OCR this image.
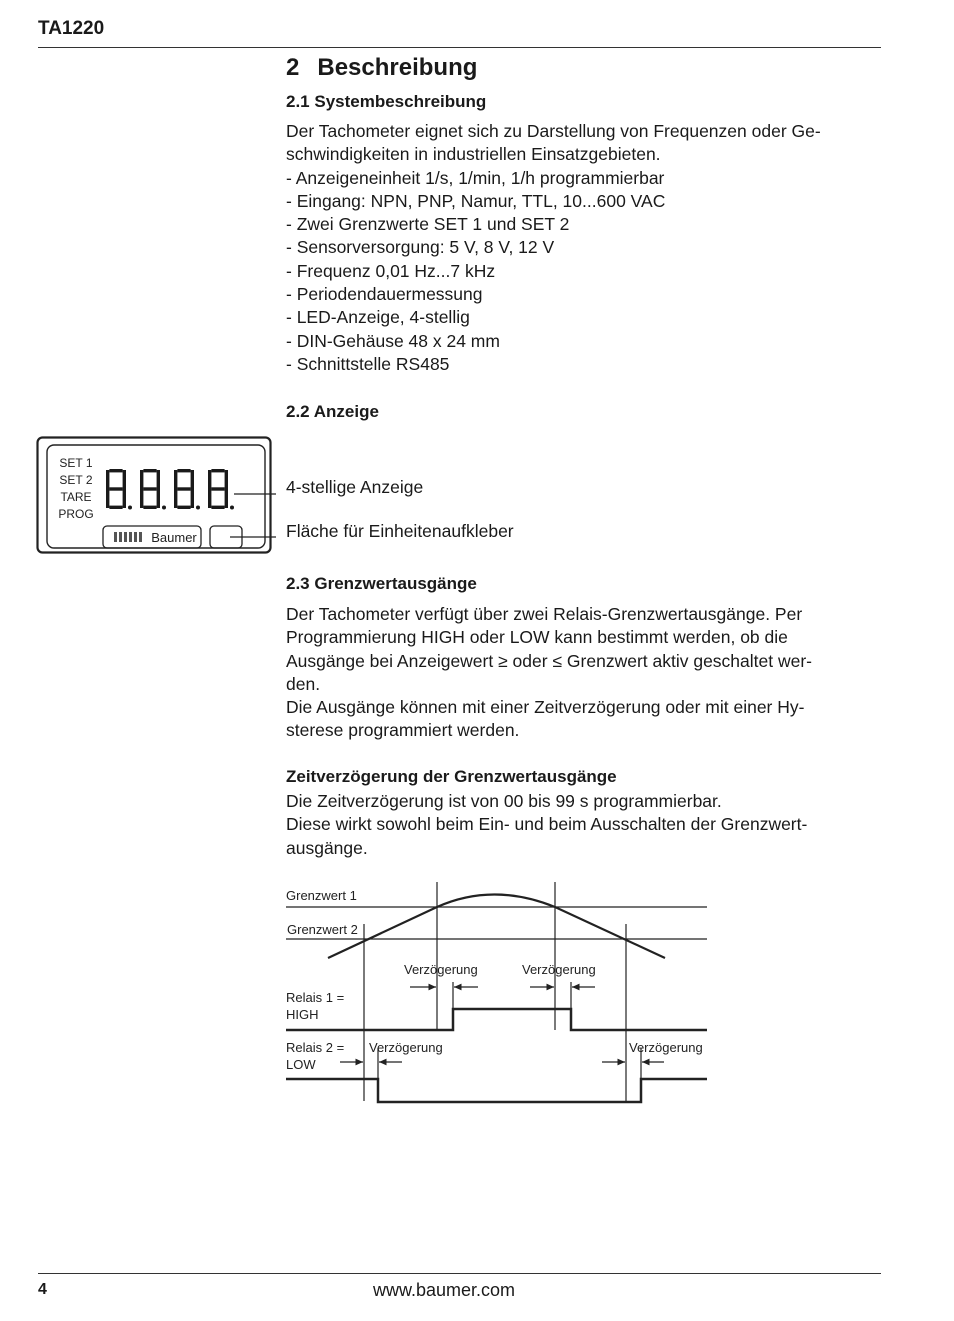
TA1220
2 Beschreibung
2.1 Systembeschreibung
Der Tachometer eignet sich zu Darstellung von Frequenzen oder Ge-
schwindigkeiten in industriellen Einsatzgebieten.
- Anzeigeneinheit 1/s, 1/min, 1/h programmierbar
- Eingang: NPN, PNP, Namur, TTL, 10...600 VAC
- Zwei Grenzwerte SET 1 und SET 2
- Sensorversorgung: 5 V, 8 V, 12 V
- Frequenz 0,01 Hz...7 kHz
- Periodendauermessung
- LED-Anzeige, 4-stellig
- DIN-Gehäuse 48 x 24 mm
- Schnittstelle RS485
2.2 Anzeige
SET 1
SET 2
TARE
PROG
Baumer
4-stellige Anzeige
Fläche für Einheitenaufkleber
2.3 Grenzwertausgänge
Der Tachometer verfügt über zwei Relais-Grenzwertausgänge. Per
Programmierung HIGH oder LOW kann bestimmt werden, ob die
Ausgänge bei Anzeigewert ≥ oder ≤ Grenzwert aktiv geschaltet wer-
den.
Die Ausgänge können mit einer Zeitverzögerung oder mit einer Hy-
sterese programmiert werden.
Zeitverzögerung der Grenzwertausgänge
Die Zeitverzögerung ist von 00 bis 99 s programmierbar.
Diese wirkt sowohl beim Ein- und beim Ausschalten der Grenzwert-
ausgänge.
Grenzwert 1
Grenzwert 2
Relais 1 =
HIGH
Relais 2 =
LOW
Verzögerung	Verzögerung
Verzögerung	Verzögerung
4	www.baumer.com
